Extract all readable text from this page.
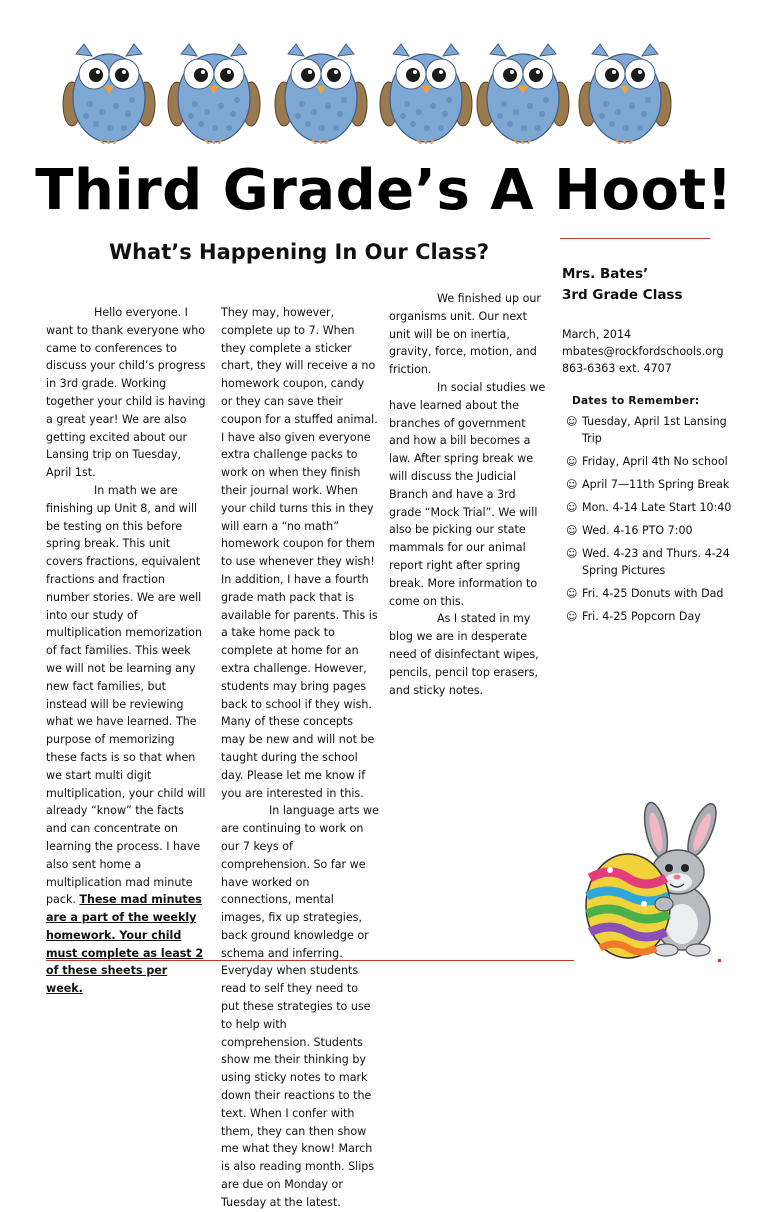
Third Grade’s A Hoot!
What’s Happening In Our Class?

Hello everyone. I want to thank everyone who came to conferences to discuss your child’s progress in 3rd grade. Working together your child is having a great year! We are also getting excited about our Lansing trip on Tuesday, April 1st.

In math we are finishing up Unit 8, and will be testing on this before spring break. This unit covers fractions, equivalent fractions and fraction number stories. We are well into our study of multiplication memorization of fact families. This week we will not be learning any new fact families, but instead will be reviewing what we have learned. The purpose of memorizing these facts is so that when we start multi digit multiplication, your child will already “know” the facts and can concentrate on learning the process. I have also sent home a multiplication mad minute pack. These mad minutes are a part of the weekly homework. Your child must complete as least 2 of these sheets per week.

They may, however, complete up to 7. When they complete a sticker chart, they will receive a no homework coupon, candy or they can save their coupon for a stuffed animal. I have also given everyone extra challenge packs to work on when they finish their journal work. When your child turns this in they will earn a “no math” homework coupon for them to use whenever they wish! In addition, I have a fourth grade math pack that is available for parents. This is a take home pack to complete at home for an extra challenge. However, students may bring pages back to school if they wish. Many of these concepts may be new and will not be taught during the school day. Please let me know if you are interested in this.

In language arts we are continuing to work on our 7 keys of comprehension. So far we have worked on connections, mental images, fix up strategies, back ground knowledge or schema and inferring. Everyday when students read to self they need to put these strategies to use to help with comprehension. Students show me their thinking by using sticky notes to mark down their reactions to the text. When I confer with them, they can then show me what they know! March is also reading month. Slips are due on Monday or Tuesday at the latest.

We finished up our organisms unit. Our next unit will be on inertia, gravity, force, motion, and friction.

In social studies we have learned about the branches of government and how a bill becomes a law. After spring break we will discuss the Judicial Branch and have a 3rd grade “Mock Trial”. We will also be picking our state mammals for our animal report right after spring break. More information to come on this.

As I stated in my blog we are in desperate need of disinfectant wipes, pencils, pencil top erasers, and sticky notes.

Mrs. Bates’
3rd Grade Class
March, 2014
mbates@rockfordschools.org
863-6363 ext. 4707
Dates to Remember:
☺ Tuesday, April 1st Lansing Trip
☺ Friday, April 4th No school
☺ April 7—11th Spring Break
☺ Mon. 4-14 Late Start 10:40
☺ Wed. 4-16 PTO 7:00
☺ Wed. 4-23 and Thurs. 4-24 Spring Pictures
☺ Fri. 4-25 Donuts with Dad
☺ Fri. 4-25 Popcorn Day
